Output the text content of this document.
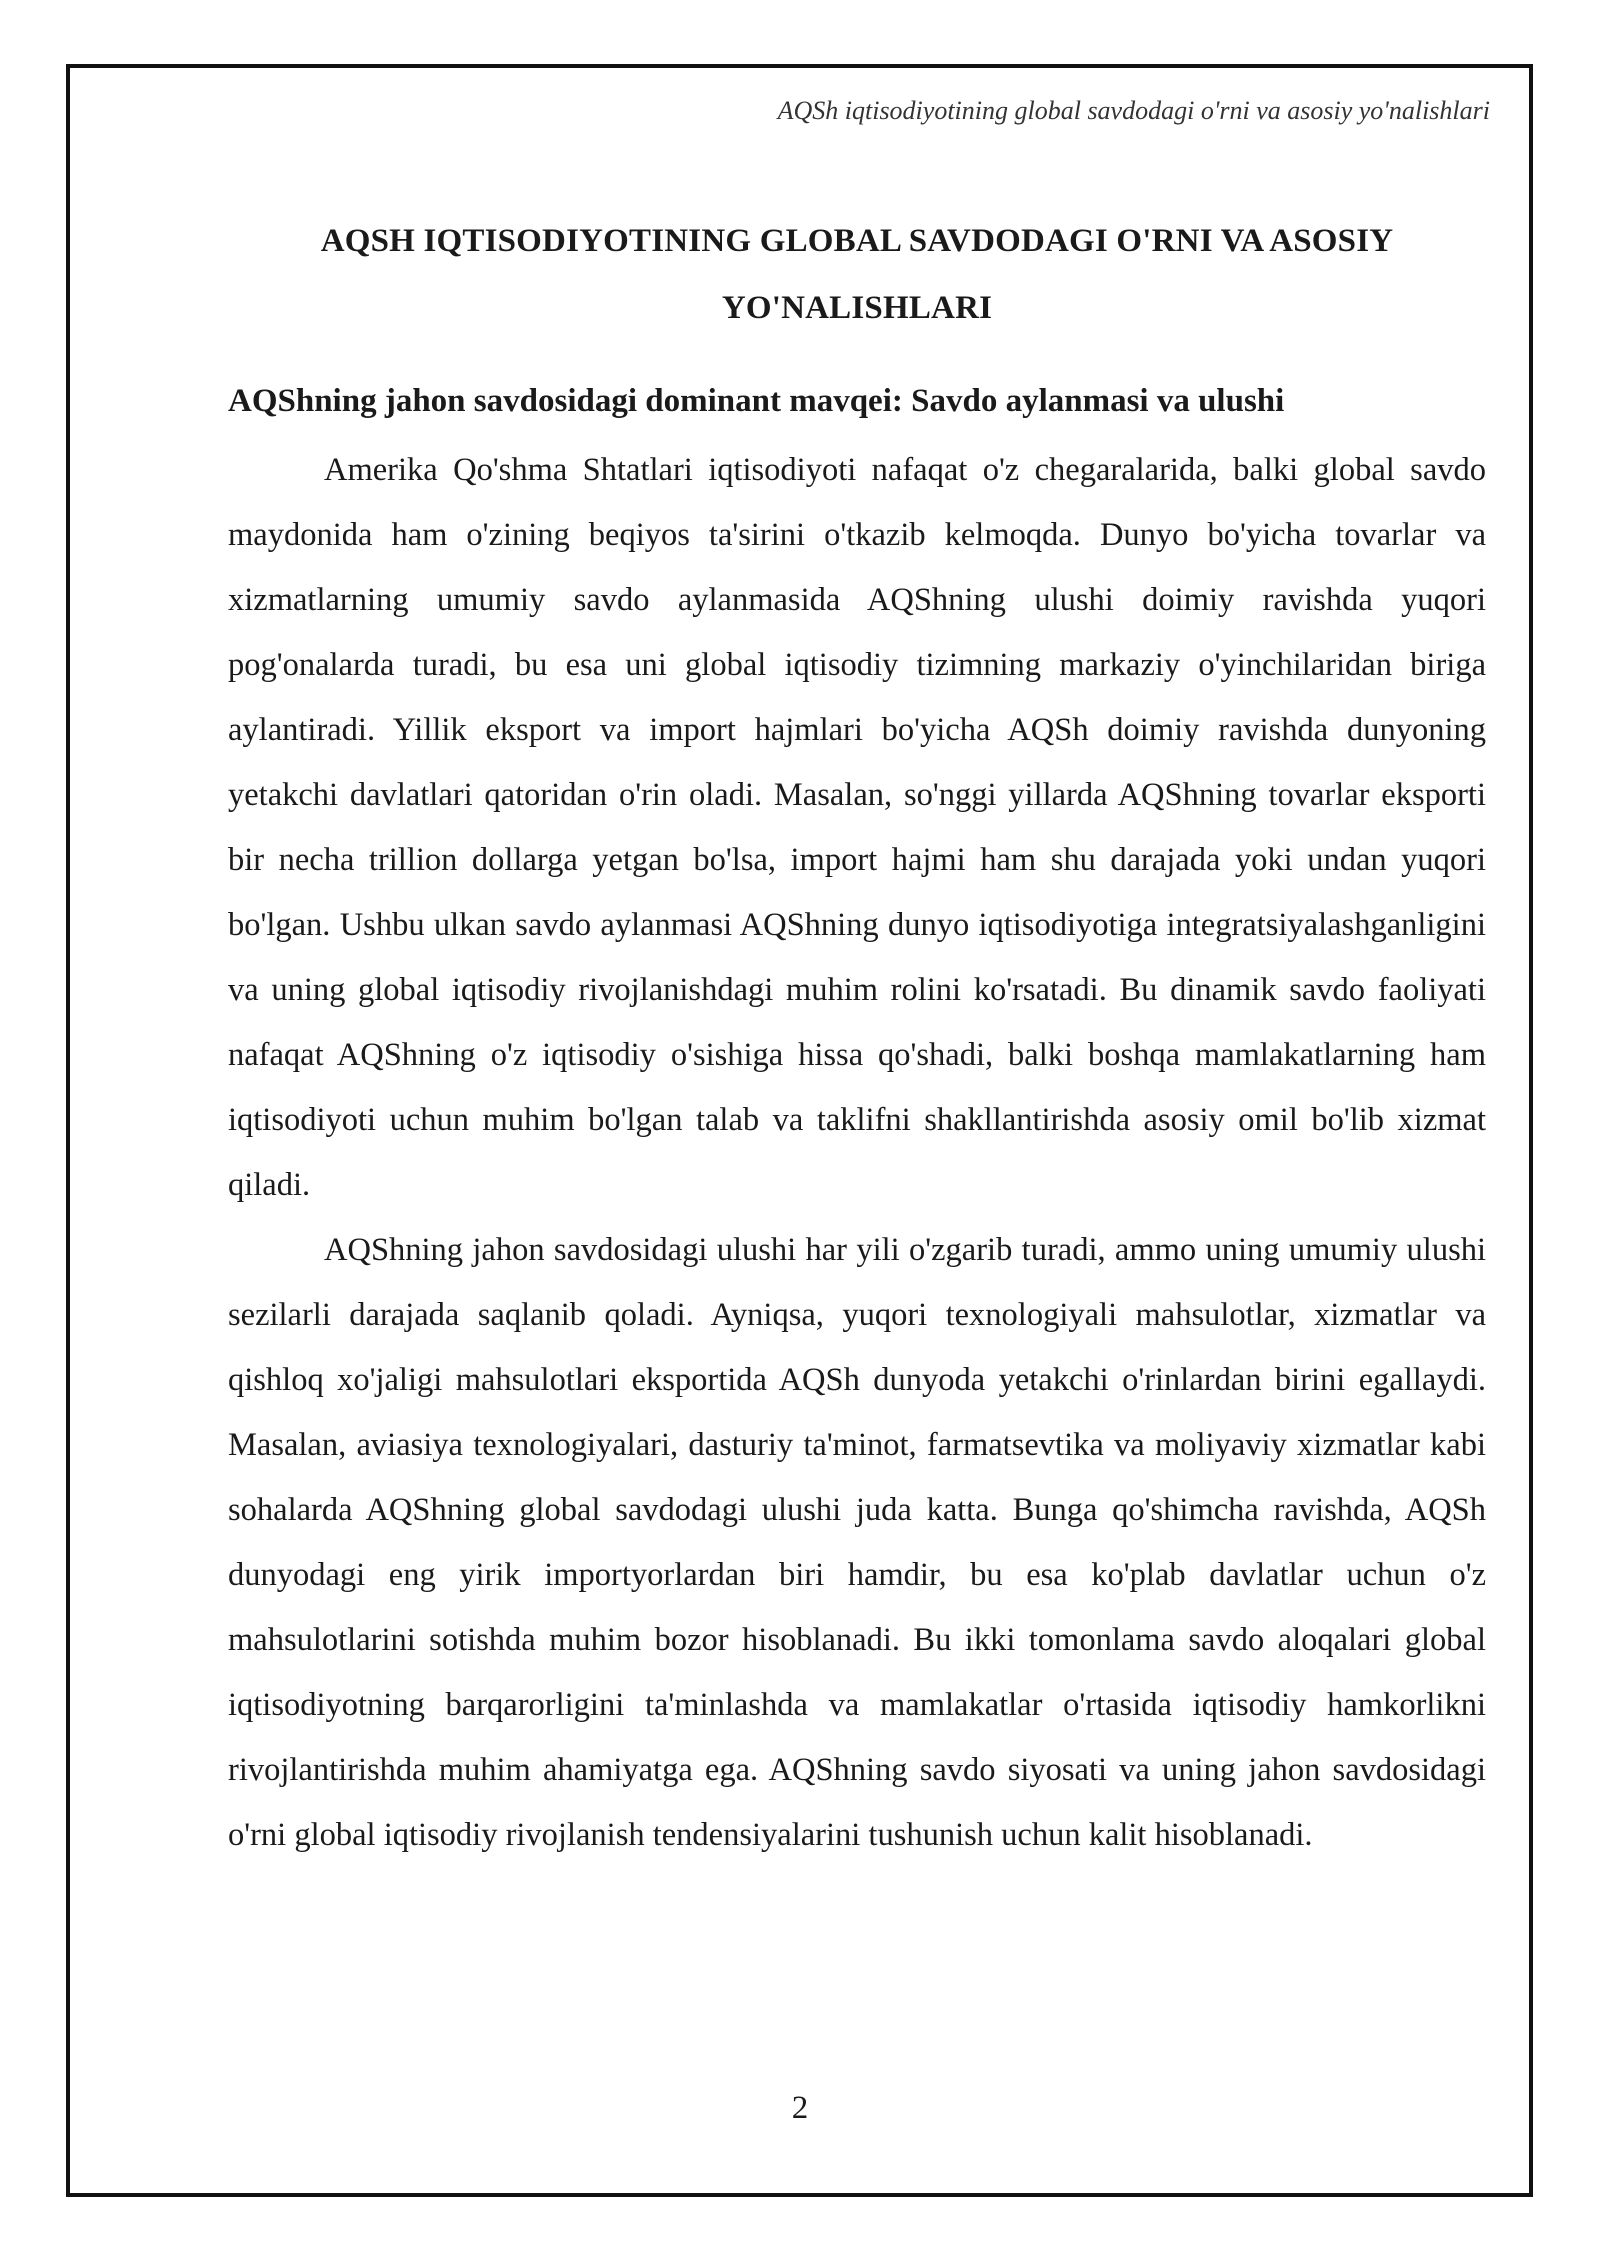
AQSh iqtisodiyotining global savdodagi o'rni va asosiy yo'nalishlari
AQSH IQTISODIYOTINING GLOBAL SAVDODAGI O'RNI VA ASOSIY
YO'NALISHLARI
AQShning jahon savdosidagi dominant mavqei: Savdo aylanmasi va ulushi

Amerika Qo'shma Shtatlari iqtisodiyoti nafaqat o'z chegaralarida, balki global savdo maydonida ham o'zining beqiyos ta'sirini o'tkazib kelmoqda. Dunyo bo'yicha tovarlar va xizmatlarning umumiy savdo aylanmasida AQShning ulushi doimiy ravishda yuqori pog'onalarda turadi, bu esa uni global iqtisodiy tizimning markaziy o'yinchilaridan biriga aylantiradi. Yillik eksport va import hajmlari bo'yicha AQSh doimiy ravishda dunyoning yetakchi davlatlari qatoridan o'rin oladi. Masalan, so'nggi yillarda AQShning tovarlar eksporti bir necha trillion dollarga yetgan bo'lsa, import hajmi ham shu darajada yoki undan yuqori bo'lgan. Ushbu ulkan savdo aylanmasi AQShning dunyo iqtisodiyotiga integratsiyalashganligini va uning global iqtisodiy rivojlanishdagi muhim rolini ko'rsatadi. Bu dinamik savdo faoliyati nafaqat AQShning o'z iqtisodiy o'sishiga hissa qo'shadi, balki boshqa mamlakatlarning ham iqtisodiyoti uchun muhim bo'lgan talab va taklifni shakllantirishda asosiy omil bo'lib xizmat qiladi.

AQShning jahon savdosidagi ulushi har yili o'zgarib turadi, ammo uning umumiy ulushi sezilarli darajada saqlanib qoladi. Ayniqsa, yuqori texnologiyali mahsulotlar, xizmatlar va qishloq xo'jaligi mahsulotlari eksportida AQSh dunyoda yetakchi o'rinlardan birini egallaydi. Masalan, aviasiya texnologiyalari, dasturiy ta'minot, farmatsevtika va moliyaviy xizmatlar kabi sohalarda AQShning global savdodagi ulushi juda katta. Bunga qo'shimcha ravishda, AQSh dunyodagi eng yirik importyorlardan biri hamdir, bu esa ko'plab davlatlar uchun o'z mahsulotlarini sotishda muhim bozor hisoblanadi. Bu ikki tomonlama savdo aloqalari global iqtisodiyotning barqarorligini ta'minlashda va mamlakatlar o'rtasida iqtisodiy hamkorlikni rivojlantirishda muhim ahamiyatga ega. AQShning savdo siyosati va uning jahon savdosidagi o'rni global iqtisodiy rivojlanish tendensiyalarini tushunish uchun kalit hisoblanadi.

2
